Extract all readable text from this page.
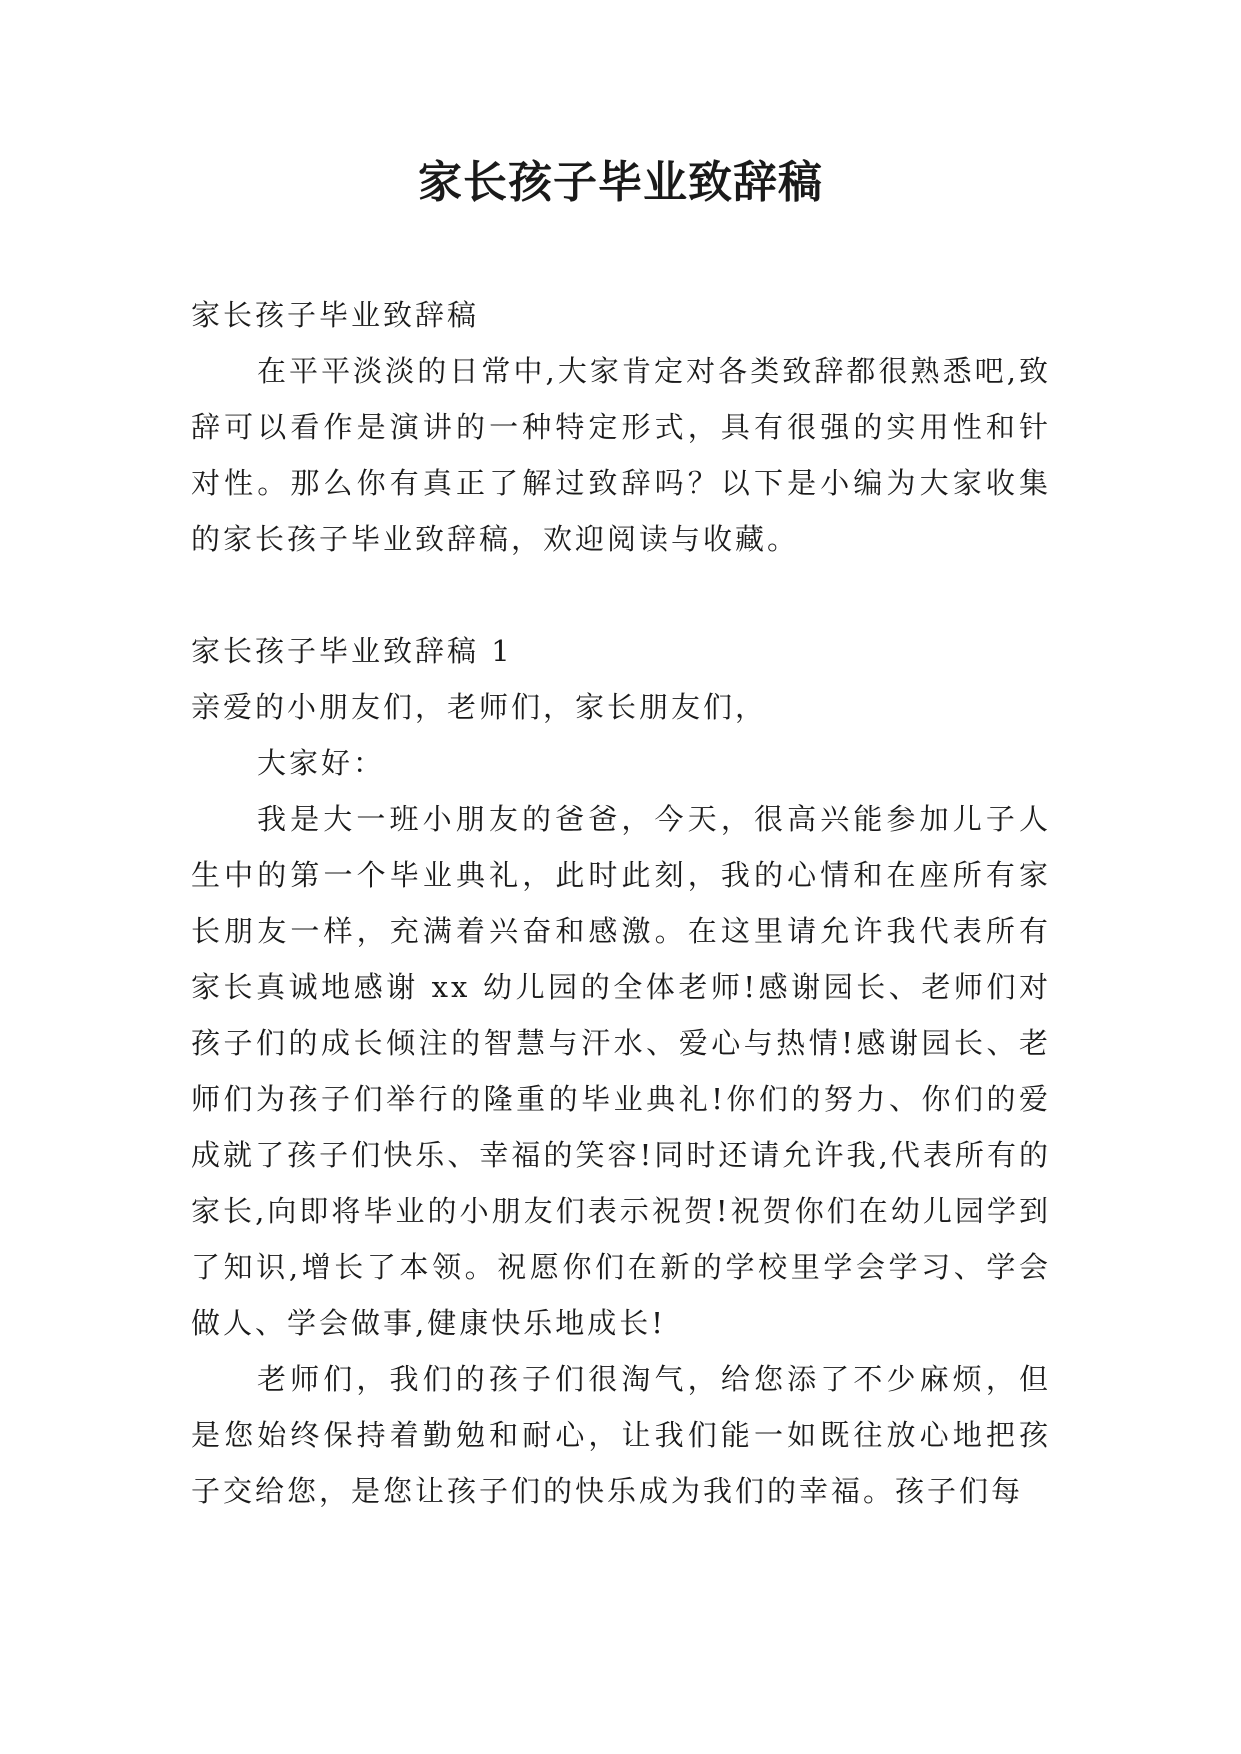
家长孩子毕业致辞稿

家长孩子毕业致辞稿

在平平淡淡的日常中,大家肯定对各类致辞都很熟悉吧,致辞可以看作是演讲的一种特定形式，具有很强的实用性和针对性。那么你有真正了解过致辞吗？以下是小编为大家收集的家长孩子毕业致辞稿，欢迎阅读与收藏。

家长孩子毕业致辞稿 1

亲爱的小朋友们，老师们，家长朋友们，

大家好：

我是大一班小朋友的爸爸，今天，很高兴能参加儿子人生中的第一个毕业典礼，此时此刻，我的心情和在座所有家长朋友一样，充满着兴奋和感激。在这里请允许我代表所有家长真诚地感谢 xx 幼儿园的全体老师!感谢园长、老师们对孩子们的成长倾注的智慧与汗水、爱心与热情!感谢园长、老师们为孩子们举行的隆重的毕业典礼!你们的努力、你们的爱成就了孩子们快乐、幸福的笑容!同时还请允许我,代表所有的家长,向即将毕业的小朋友们表示祝贺!祝贺你们在幼儿园学到了知识,增长了本领。祝愿你们在新的学校里学会学习、学会做人、学会做事,健康快乐地成长!

老师们，我们的孩子们很淘气，给您添了不少麻烦，但是您始终保持着勤勉和耐心，让我们能一如既往放心地把孩子交给您，是您让孩子们的快乐成为我们的幸福。孩子们每
